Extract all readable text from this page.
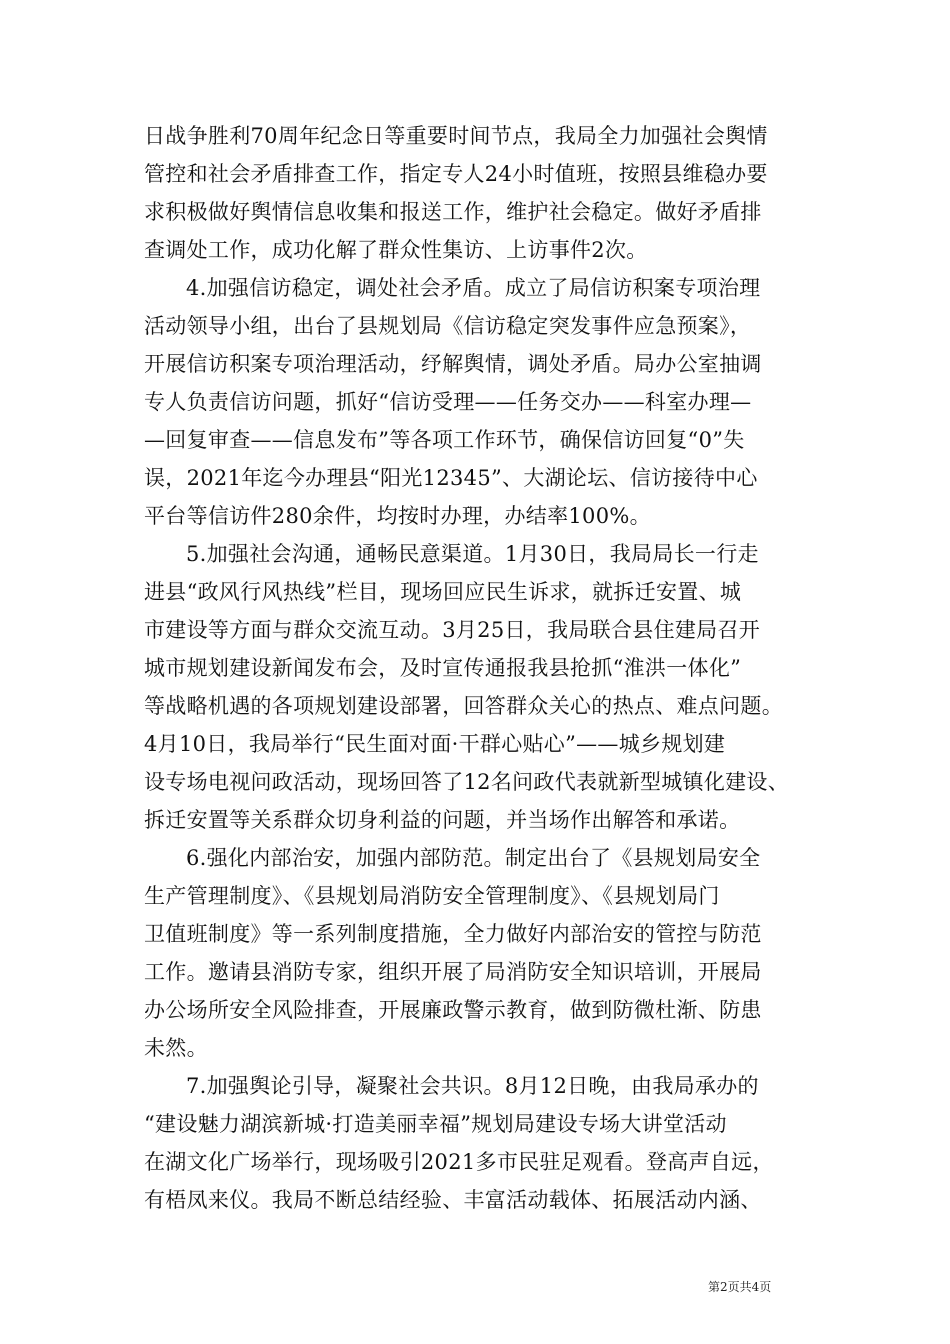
日战争胜利70周年纪念日等重要时间节点，我局全力加强社会舆情
管控和社会矛盾排查工作，指定专人24小时值班，按照县维稳办要
求积极做好舆情信息收集和报送工作，维护社会稳定。做好矛盾排
查调处工作，成功化解了群众性集访、上访事件2次。
4.加强信访稳定，调处社会矛盾。成立了局信访积案专项治理
活动领导小组，出台了县规划局《信访稳定突发事件应急预案》，
开展信访积案专项治理活动，纾解舆情，调处矛盾。局办公室抽调
专人负责信访问题，抓好“信访受理——任务交办——科室办理—
—回复审查——信息发布”等各项工作环节，确保信访回复“0”失
误，2021年迄今办理县“阳光12345”、大湖论坛、信访接待中心
平台等信访件280余件，均按时办理，办结率100%。
5.加强社会沟通，通畅民意渠道。1月30日，我局局长一行走
进县“政风行风热线”栏目，现场回应民生诉求，就拆迁安置、城
市建设等方面与群众交流互动。3月25日，我局联合县住建局召开
城市规划建设新闻发布会，及时宣传通报我县抢抓“淮洪一体化”
等战略机遇的各项规划建设部署，回答群众关心的热点、难点问题。
4月10日，我局举行“民生面对面·干群心贴心”——城乡规划建
设专场电视问政活动，现场回答了12名问政代表就新型城镇化建设、
拆迁安置等关系群众切身利益的问题，并当场作出解答和承诺。
6.强化内部治安，加强内部防范。制定出台了《县规划局安全
生产管理制度》、《县规划局消防安全管理制度》、《县规划局门
卫值班制度》等一系列制度措施，全力做好内部治安的管控与防范
工作。邀请县消防专家，组织开展了局消防安全知识培训，开展局
办公场所安全风险排查，开展廉政警示教育，做到防微杜渐、防患
未然。
7.加强舆论引导，凝聚社会共识。8月12日晚，由我局承办的
“建设魅力湖滨新城·打造美丽幸福”规划局建设专场大讲堂活动
在湖文化广场举行，现场吸引2021多市民驻足观看。登高声自远，
有梧凤来仪。我局不断总结经验、丰富活动载体、拓展活动内涵、
第2页共4页
